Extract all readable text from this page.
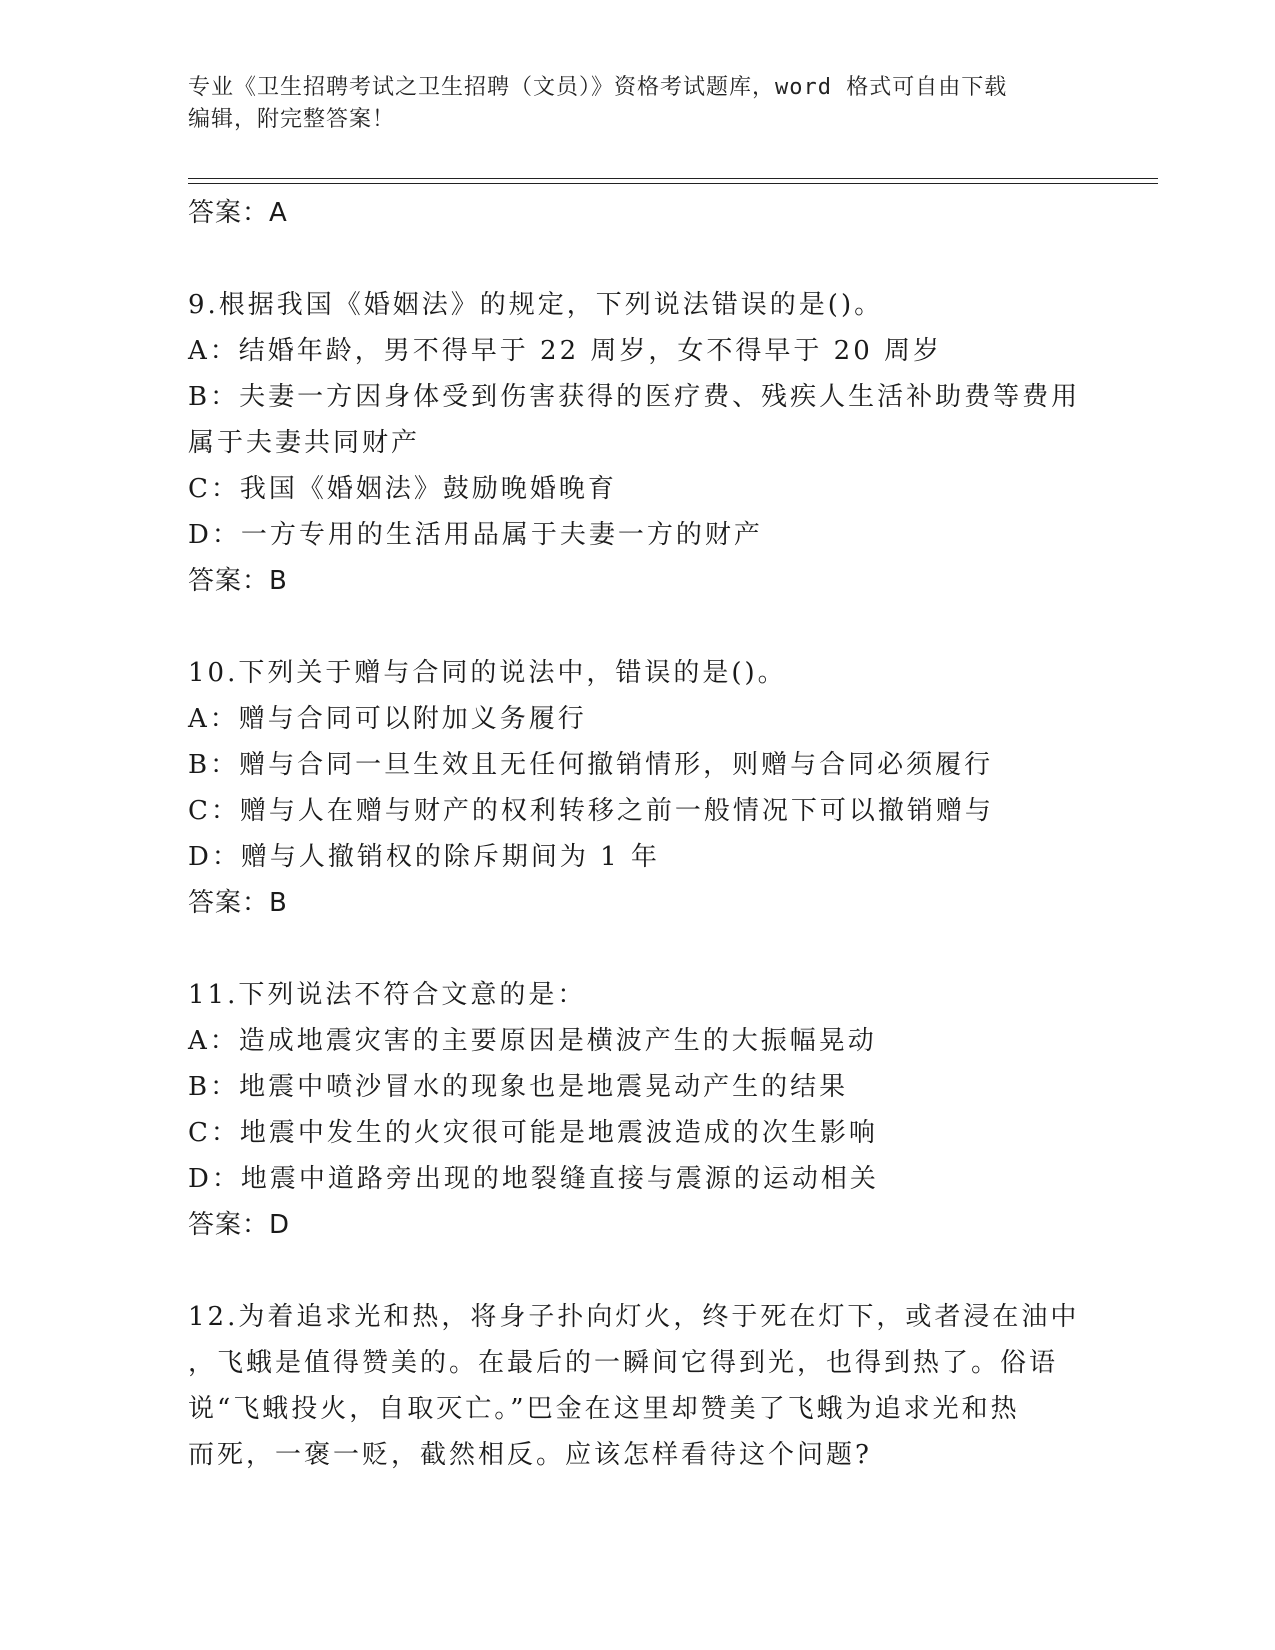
专业《卫生招聘考试之卫生招聘（文员）》资格考试题库，word 格式可自由下载
编辑，附完整答案！
答案：A
9.根据我国《婚姻法》的规定，下列说法错误的是()。
A：结婚年龄，男不得早于 22 周岁，女不得早于 20 周岁
B：夫妻一方因身体受到伤害获得的医疗费、残疾人生活补助费等费用
属于夫妻共同财产
C：我国《婚姻法》鼓励晚婚晚育
D：一方专用的生活用品属于夫妻一方的财产
答案：B
10.下列关于赠与合同的说法中，错误的是()。
A：赠与合同可以附加义务履行
B：赠与合同一旦生效且无任何撤销情形，则赠与合同必须履行
C：赠与人在赠与财产的权利转移之前一般情况下可以撤销赠与
D：赠与人撤销权的除斥期间为 1 年
答案：B
11.下列说法不符合文意的是：
A：造成地震灾害的主要原因是横波产生的大振幅晃动
B：地震中喷沙冒水的现象也是地震晃动产生的结果
C：地震中发生的火灾很可能是地震波造成的次生影响
D：地震中道路旁出现的地裂缝直接与震源的运动相关
答案：D
12.为着追求光和热，将身子扑向灯火，终于死在灯下，或者浸在油中
，飞蛾是值得赞美的。在最后的一瞬间它得到光，也得到热了。俗语
说“飞蛾投火，自取灭亡。”巴金在这里却赞美了飞蛾为追求光和热
而死，一褒一贬，截然相反。应该怎样看待这个问题?
